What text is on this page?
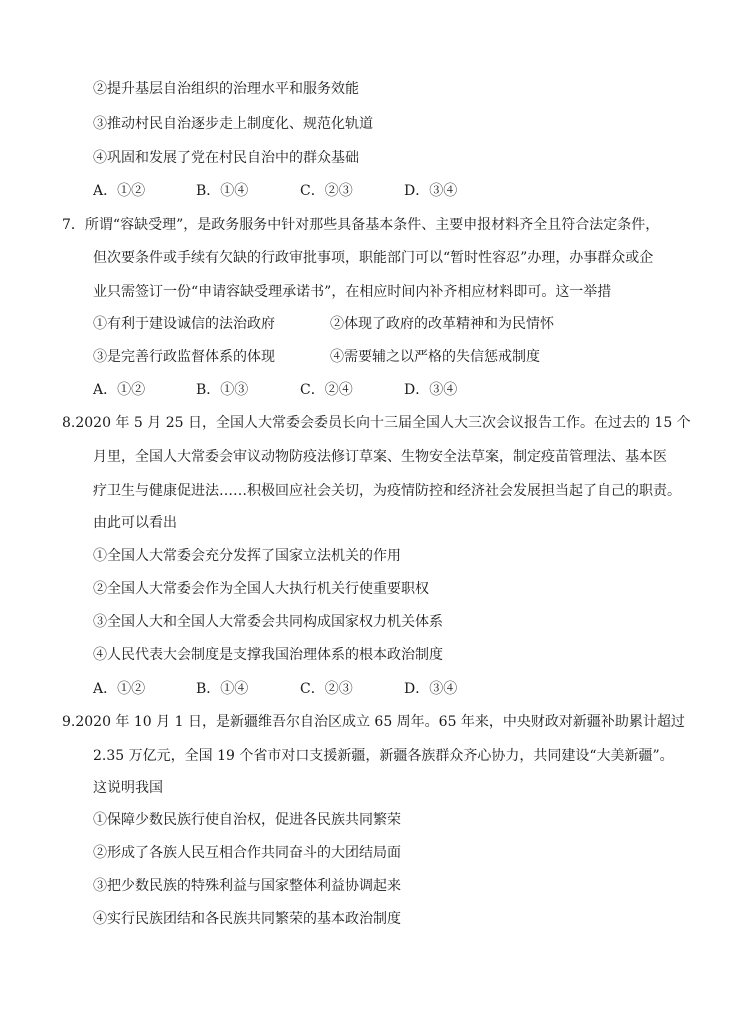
②提升基层自治组织的治理水平和服务效能
③推动村民自治逐步走上制度化、规范化轨道
④巩固和发展了党在村民自治中的群众基础
A．①②	B．①④	C．②③	D．③④
7．所谓“容缺受理”，是政务服务中针对那些具备基本条件、主要申报材料齐全且符合法定条件，
但次要条件或手续有欠缺的行政审批事项，职能部门可以“暂时性容忍”办理，办事群众或企
业只需签订一份“申请容缺受理承诺书”，在相应时间内补齐相应材料即可。这一举措
①有利于建设诚信的法治政府	②体现了政府的改革精神和为民情怀
③是完善行政监督体系的体现	④需要辅之以严格的失信惩戒制度
A．①②	B．①③	C．②④	D．③④
8.2020 年 5 月 25 日，全国人大常委会委员长向十三届全国人大三次会议报告工作。在过去的 15 个
月里，全国人大常委会审议动物防疫法修订草案、生物安全法草案，制定疫苗管理法、基本医
疗卫生与健康促进法……积极回应社会关切，为疫情防控和经济社会发展担当起了自己的职责。
由此可以看出
①全国人大常委会充分发挥了国家立法机关的作用
②全国人大常委会作为全国人大执行机关行使重要职权
③全国人大和全国人大常委会共同构成国家权力机关体系
④人民代表大会制度是支撑我国治理体系的根本政治制度
A．①②	B．①④	C．②③	D．③④
9.2020 年 10 月 1 日，是新疆维吾尔自治区成立 65 周年。65 年来，中央财政对新疆补助累计超过
2.35 万亿元，全国 19 个省市对口支援新疆，新疆各族群众齐心协力，共同建设“大美新疆”。
这说明我国
①保障少数民族行使自治权，促进各民族共同繁荣
②形成了各族人民互相合作共同奋斗的大团结局面
③把少数民族的特殊利益与国家整体利益协调起来
④实行民族团结和各民族共同繁荣的基本政治制度
